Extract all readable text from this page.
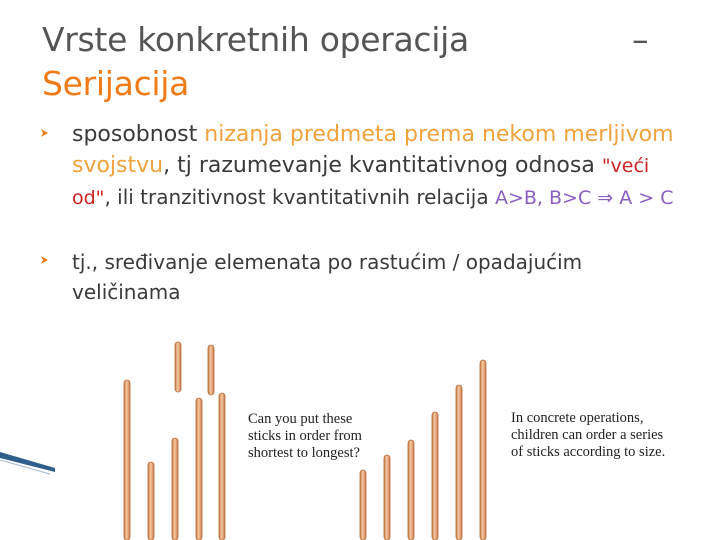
Vrste konkretnih operacija	–
Serijacija
sposobnost nizanja predmeta prema nekom merljivom svojstvu, tj razumevanje kvantitativnog odnosa "veći od", ili tranzitivnost kvantitativnih relacija A>B, B>C ⇒ A > C
tj., sređivanje elemenata po rastućim / opadajućim veličinama
Can you put these
sticks in order from
shortest to longest?
In concrete operations,
children can order a series
of sticks according to size.
